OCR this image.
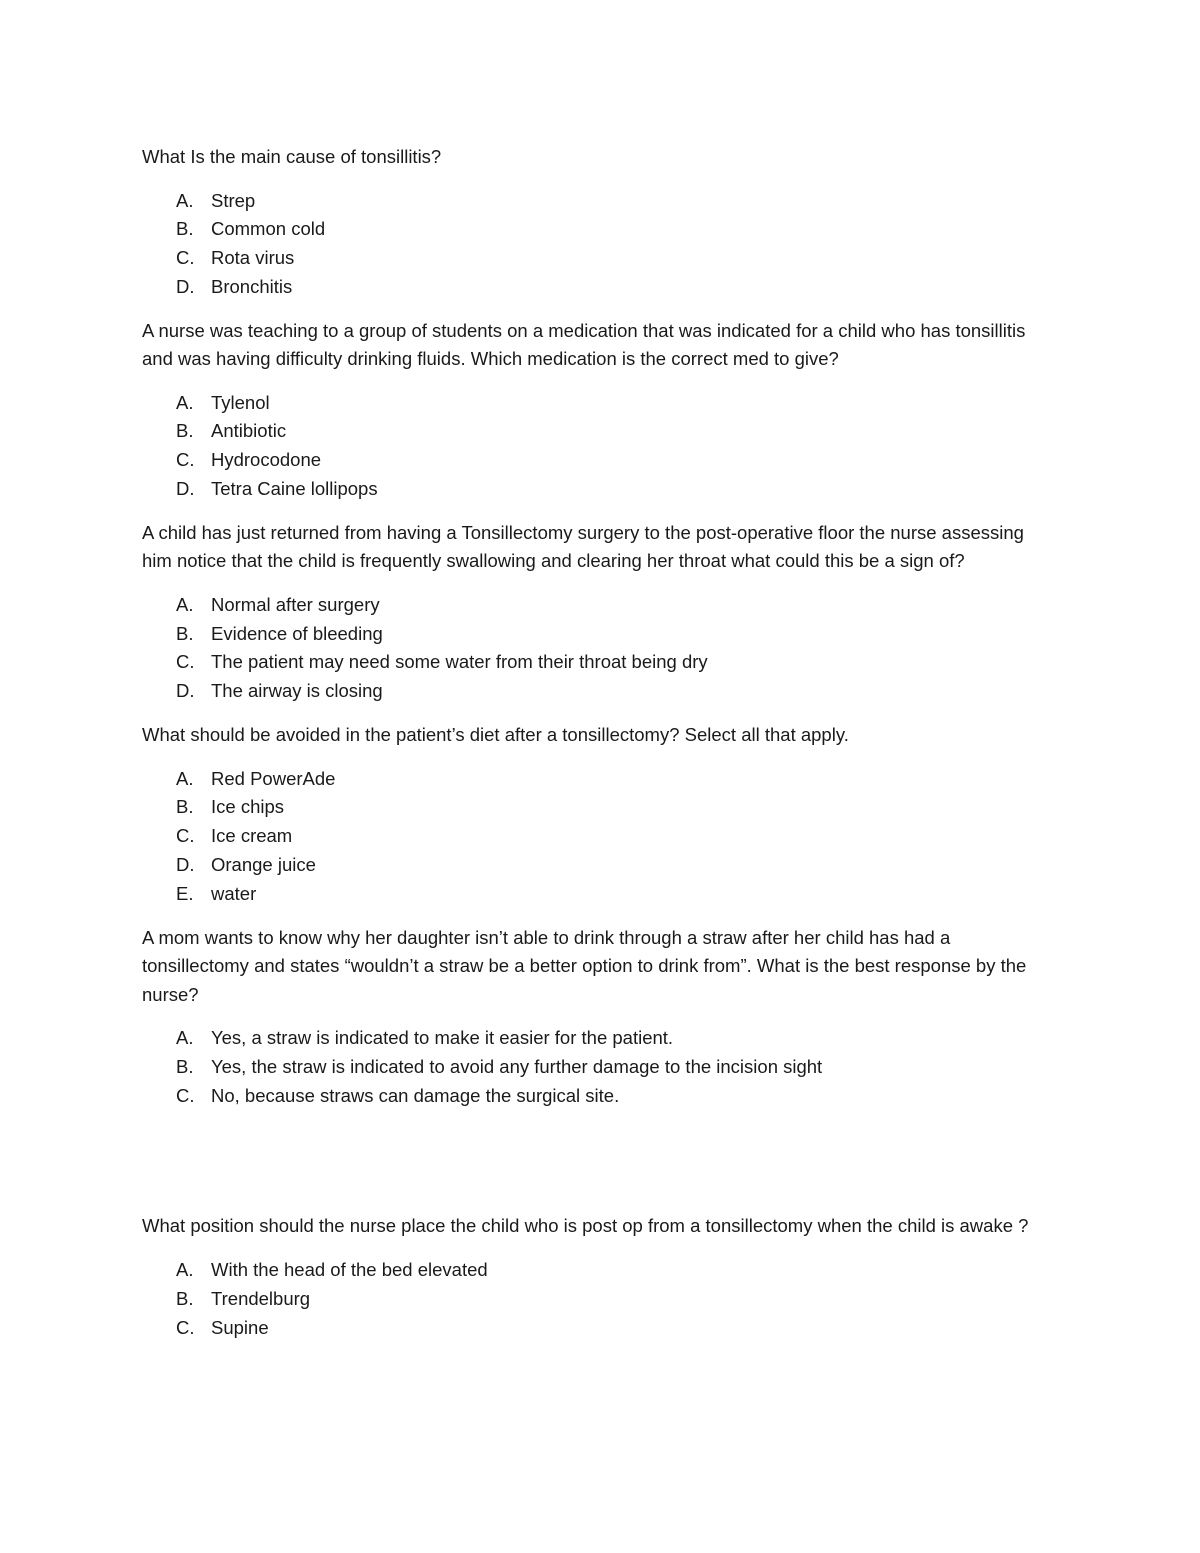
What Is the main cause of tonsillitis?

A. Strep
B. Common cold
C. Rota virus
D. Bronchitis

A nurse was teaching to a group of students on a medication that was indicated for a child who has tonsillitis and was having difficulty drinking fluids. Which medication is the correct med to give?

A. Tylenol
B. Antibiotic
C. Hydrocodone
D. Tetra Caine lollipops

A child has just returned from having a Tonsillectomy surgery to the post-operative floor the nurse assessing him notice that the child is frequently swallowing and clearing her throat what could this be a sign of?

A. Normal after surgery
B. Evidence of bleeding
C. The patient may need some water from their throat being dry
D. The airway is closing

What should be avoided in the patient’s diet after a tonsillectomy? Select all that apply.

A. Red PowerAde
B. Ice chips
C. Ice cream
D. Orange juice
E. water

A mom wants to know why her daughter isn’t able to drink through a straw after her child has had a tonsillectomy and states “wouldn’t a straw be a better option to drink from”. What is the best response by the nurse?

A. Yes, a straw is indicated to make it easier for the patient.
B. Yes, the straw is indicated to avoid any further damage to the incision sight
C. No, because straws can damage the surgical site.

What position should the nurse place the child who is post op from a tonsillectomy when the child is awake ?

A. With the head of the bed elevated
B. Trendelburg
C. Supine
